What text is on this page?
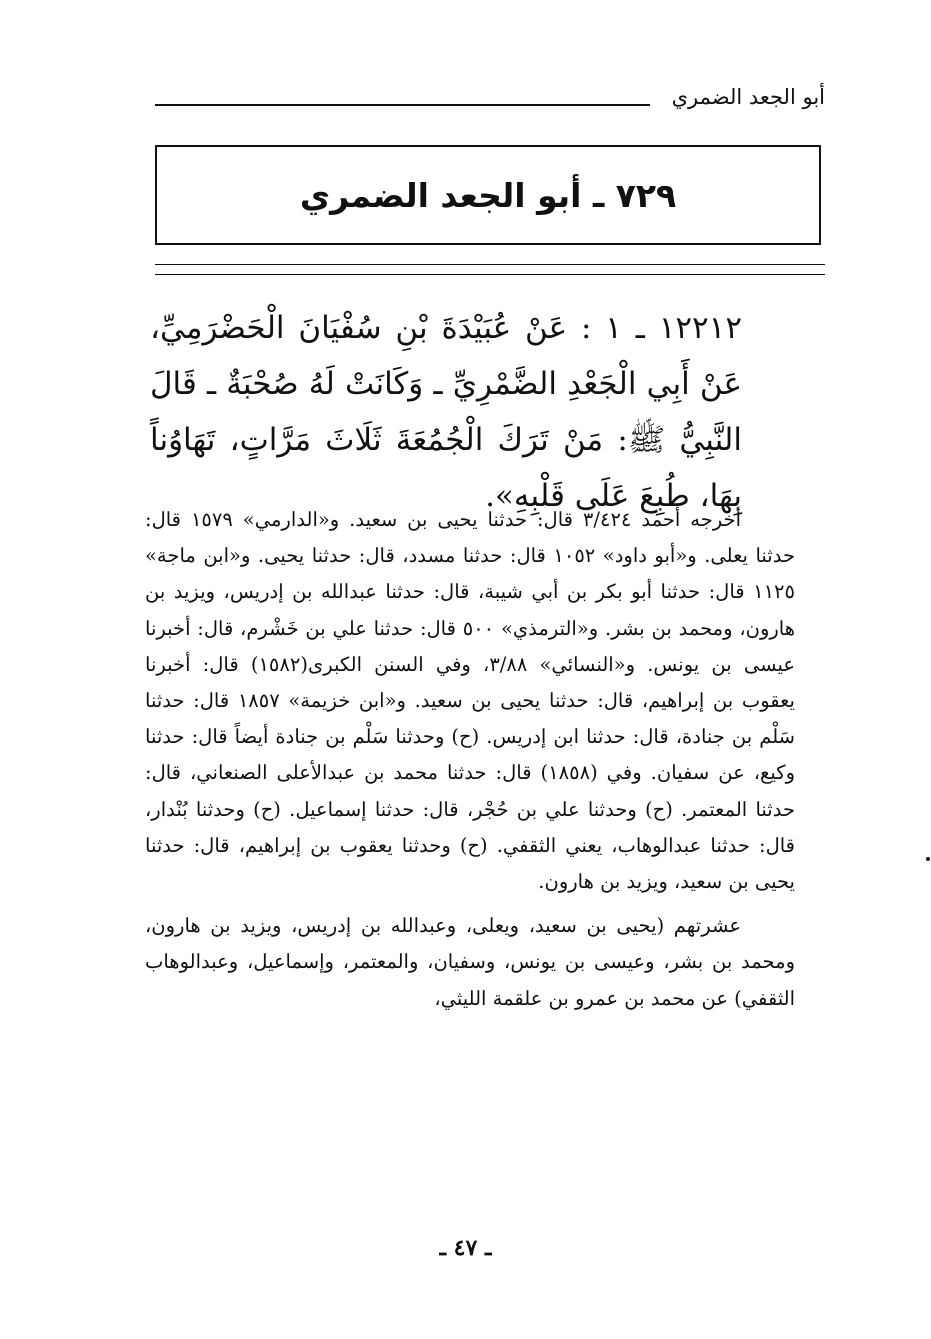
أبو الجعد الضمري
٧٢٩ ـ أبو الجعد الضمري
١٢٢١٢ ـ ١ : عَنْ عُبَيْدَةَ بْنِ سُفْيَانَ الْحَضْرَمِيِّ، عَنْ أَبِي الْجَعْدِ الضَّمْرِيِّ ـ وَكَانَتْ لَهُ صُحْبَةٌ ـ قَالَ النَّبِيُّ ﷺ: مَنْ تَرَكَ الْجُمُعَةَ ثَلَاثَ مَرَّاتٍ، تَهَاوُناً بِهَا، طُبِعَ عَلَى قَلْبِهِ».

أخرجه أحمد ٣/٤٢٤ قال: حدثنا يحيى بن سعيد. و«الدارمي» ١٥٧٩ قال: حدثنا يعلى. و«أبو داود» ١٠٥٢ قال: حدثنا مسدد، قال: حدثنا يحيى. و«ابن ماجة» ١١٢٥ قال: حدثنا أبو بكر بن أبي شيبة، قال: حدثنا عبدالله بن إدريس، ويزيد بن هارون، ومحمد بن بشر. و«الترمذي» ٥٠٠ قال: حدثنا علي بن خَشْرم، قال: أخبرنا عيسى بن يونس. و«النسائي» ٣/٨٨، وفي السنن الكبرى(١٥٨٢) قال: أخبرنا يعقوب بن إبراهيم، قال: حدثنا يحيى بن سعيد. و«ابن خزيمة» ١٨٥٧ قال: حدثنا سَلْم بن جنادة، قال: حدثنا ابن إدريس. (ح) وحدثنا سَلْم بن جنادة أيضاً قال: حدثنا وكيع، عن سفيان. وفي (١٨٥٨) قال: حدثنا محمد بن عبدالأعلى الصنعاني، قال: حدثنا المعتمر. (ح) وحدثنا علي بن حُجْر، قال: حدثنا إسماعيل. (ح) وحدثنا بُنْدار، قال: حدثنا عبدالوهاب، يعني الثقفي. (ح) وحدثنا يعقوب بن إبراهيم، قال: حدثنا يحيى بن سعيد، ويزيد بن هارون.

عشرتهم (يحيى بن سعيد، ويعلى، وعبدالله بن إدريس، ويزيد بن هارون، ومحمد بن بشر، وعيسى بن يونس، وسفيان، والمعتمر، وإسماعيل، وعبدالوهاب الثقفي) عن محمد بن عمرو بن علقمة الليثي،

ـ ٤٧ ـ
